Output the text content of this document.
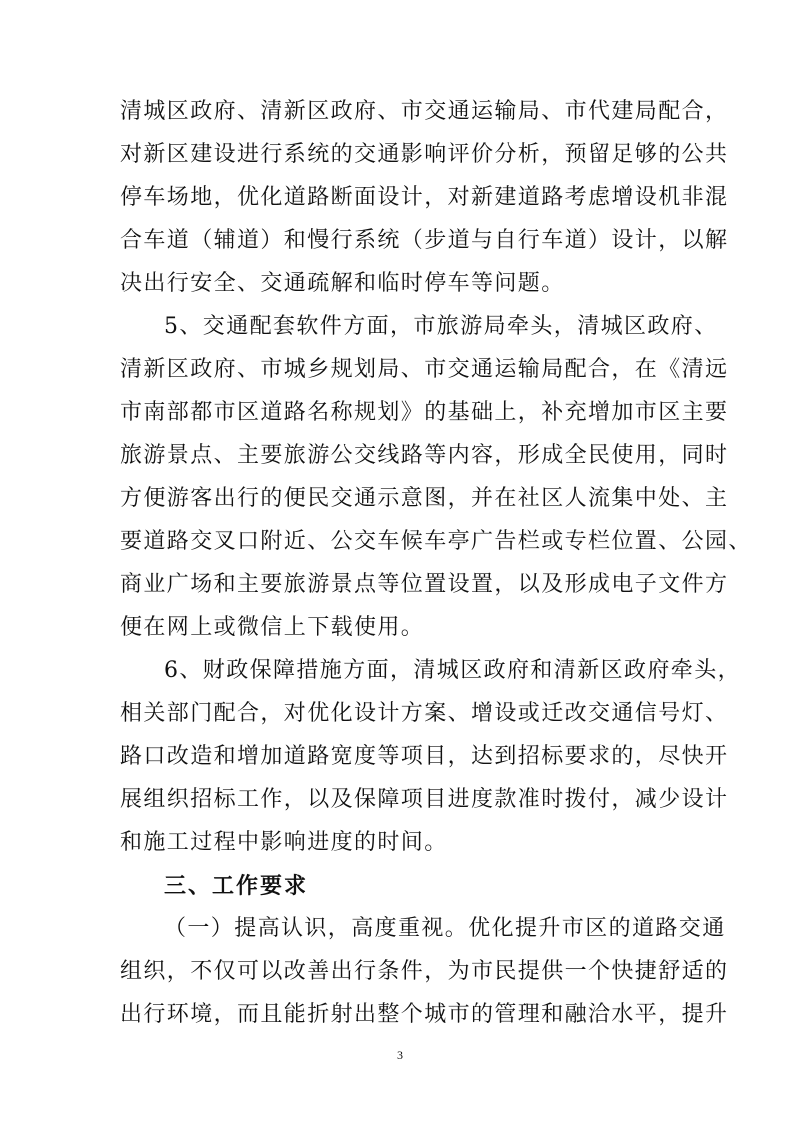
清城区政府、清新区政府、市交通运输局、市代建局配合，
对新区建设进行系统的交通影响评价分析，预留足够的公共
停车场地，优化道路断面设计，对新建道路考虑增设机非混
合车道（辅道）和慢行系统（步道与自行车道）设计，以解
决出行安全、交通疏解和临时停车等问题。
5、交通配套软件方面，市旅游局牵头，清城区政府、
清新区政府、市城乡规划局、市交通运输局配合，在《清远
市南部都市区道路名称规划》的基础上，补充增加市区主要
旅游景点、主要旅游公交线路等内容，形成全民使用，同时
方便游客出行的便民交通示意图，并在社区人流集中处、主
要道路交叉口附近、公交车候车亭广告栏或专栏位置、公园、
商业广场和主要旅游景点等位置设置，以及形成电子文件方
便在网上或微信上下载使用。
6、财政保障措施方面，清城区政府和清新区政府牵头，
相关部门配合，对优化设计方案、增设或迁改交通信号灯、
路口改造和增加道路宽度等项目，达到招标要求的，尽快开
展组织招标工作，以及保障项目进度款准时拨付，减少设计
和施工过程中影响进度的时间。
三、工作要求
（一）提高认识，高度重视。优化提升市区的道路交通
组织，不仅可以改善出行条件，为市民提供一个快捷舒适的
出行环境，而且能折射出整个城市的管理和融洽水平，提升
3
